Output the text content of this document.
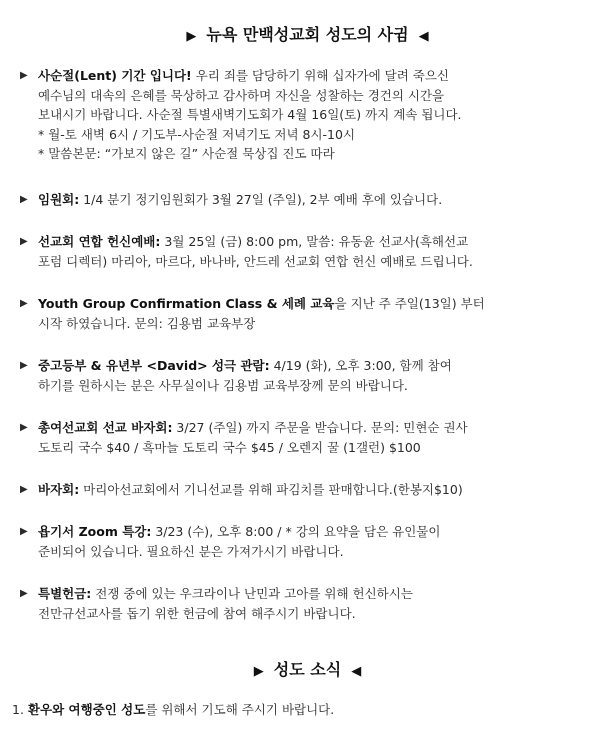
▶ 뉴욕 만백성교회 성도의 사귐 ◀
▶ 사순절(Lent) 기간 입니다! 우리 죄를 담당하기 위해 십자가에 달려 죽으신
예수님의 대속의 은혜를 묵상하고 감사하며 자신을 성찰하는 경건의 시간을
보내시기 바랍니다. 사순절 특별새벽기도회가 4월 16일(토) 까지 계속 됩니다.
* 월-토 새벽 6시 / 기도부-사순절 저녁기도 저녁 8시-10시
* 말씀본문: “가보지 않은 길” 사순절 묵상집 진도 따라
▶ 임원회: 1/4 분기 정기임원회가 3월 27일 (주일), 2부 예배 후에 있습니다.
▶ 선교회 연합 헌신예배: 3월 25일 (금) 8:00 pm, 말씀: 유동윤 선교사(흑해선교
포럼 디렉터) 마리아, 마르다, 바나바, 안드레 선교회 연합 헌신 예배로 드립니다.
▶ Youth Group Confirmation Class & 세례 교육을 지난 주 주일(13일) 부터
시작 하였습니다. 문의: 김용범 교육부장
▶ 중고등부 & 유년부 <David> 성극 관람: 4/19 (화), 오후 3:00, 함께 참여
하기를 원하시는 분은 사무실이나 김용범 교육부장께 문의 바랍니다.
▶ 총여선교회 선교 바자회: 3/27 (주일) 까지 주문을 받습니다. 문의: 민현순 권사
도토리 국수 $40 / 흑마늘 도토리 국수 $45 / 오렌지 꿀 (1갤런) $100
▶ 바자회: 마리아선교회에서 기니선교를 위해 파김치를 판매합니다.(한봉지$10)
▶ 욥기서 Zoom 특강: 3/23 (수), 오후 8:00 / * 강의 요약을 담은 유인물이
준비되어 있습니다. 필요하신 분은 가져가시기 바랍니다.
▶ 특별헌금: 전쟁 중에 있는 우크라이나 난민과 고아를 위해 헌신하시는
전만규선교사를 돕기 위한 헌금에 참여 해주시기 바랍니다.
▶ 성도 소식 ◀
1. 환우와 여행중인 성도를 위해서 기도해 주시기 바랍니다.
